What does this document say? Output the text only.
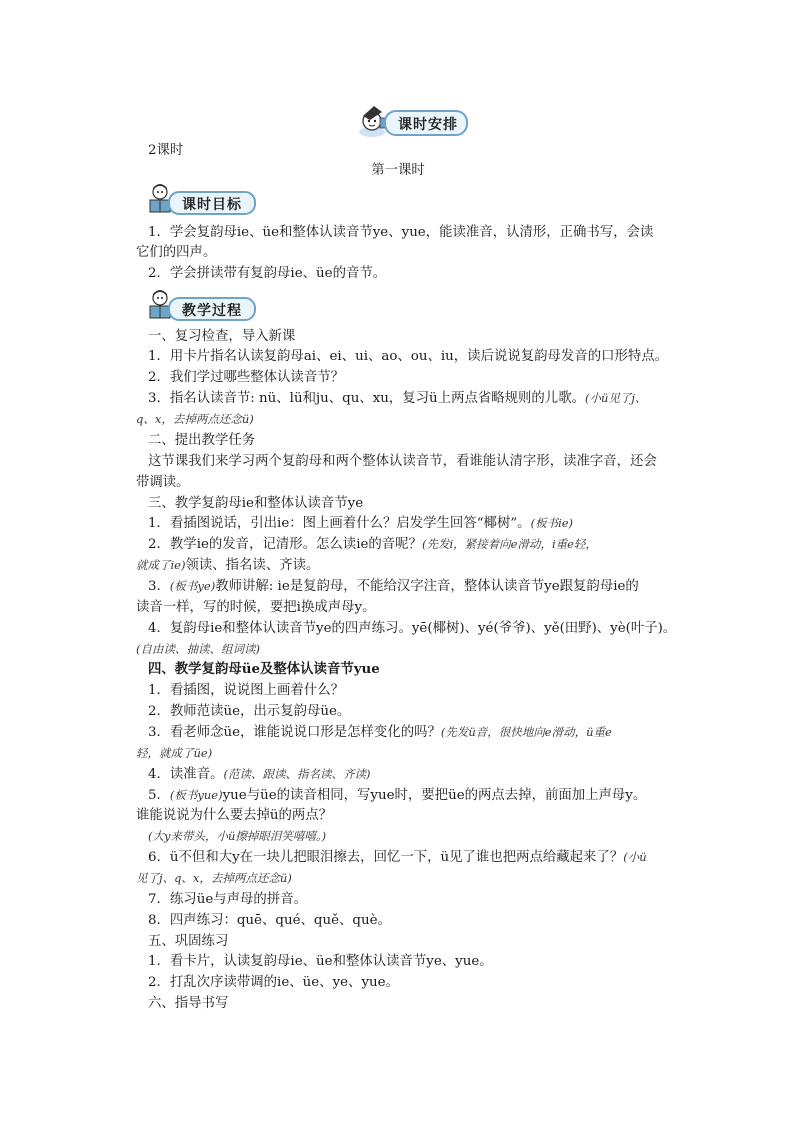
课时安排
2课时
第一课时
课时目标
1．学会复韵母ie、üe和整体认读音节ye、yue，能读准音，认清形，正确书写，会读
它们的四声。
2．学会拼读带有复韵母ie、üe的音节。
教学过程
一、复习检查，导入新课
1．用卡片指名认读复韵母ai、ei、ui、ao、ou、iu，读后说说复韵母发音的口形特点。
2．我们学过哪些整体认读音节？
3．指名认读音节: nü、lü和ju、qu、xu，复习ü上两点省略规则的儿歌。(小ü见了j、
q、x，去掉两点还念ü)
二、提出教学任务
这节课我们来学习两个复韵母和两个整体认读音节，看谁能认清字形，读准字音，还会
带调读。
三、教学复韵母ie和整体认读音节ye
1．看插图说话，引出ie：图上画着什么？启发学生回答“椰树”。(板书ie)
2．教学ie的发音，记清形。怎么读ie的音呢？(先发i，紧接着向e滑动，i重e轻，
就成了ie)领读、指名读、齐读。
3．(板书ye)教师讲解: ie是复韵母，不能给汉字注音，整体认读音节ye跟复韵母ie的
读音一样，写的时候，要把i换成声母y。
4．复韵母ie和整体认读音节ye的四声练习。yē(椰树)、yé(爷爷)、yě(田野)、yè(叶子)。
(自由读、抽读、组词读)
四、教学复韵母üe及整体认读音节yue
1．看插图，说说图上画着什么？
2．教师范读üe，出示复韵母üe。
3．看老师念üe，谁能说说口形是怎样变化的吗？(先发ü音，很快地向e滑动，ü重e
轻，就成了üe)
4．读准音。(范读、跟读、指名读、齐读)
5．(板书yue)yue与üe的读音相同，写yue时，要把üe的两点去掉，前面加上声母y。
谁能说说为什么要去掉ü的两点？
(大y来带头，小ü擦掉眼泪笑嘻嘻。)
6．ü不但和大y在一块儿把眼泪擦去，回忆一下，ü见了谁也把两点给藏起来了？(小ü
见了j、q、x，去掉两点还念ü)
7．练习üe与声母的拼音。
8．四声练习：quē、qué、quě、què。
五、巩固练习
1．看卡片，认读复韵母ie、üe和整体认读音节ye、yue。
2．打乱次序读带调的ie、üe、ye、yue。
六、指导书写
